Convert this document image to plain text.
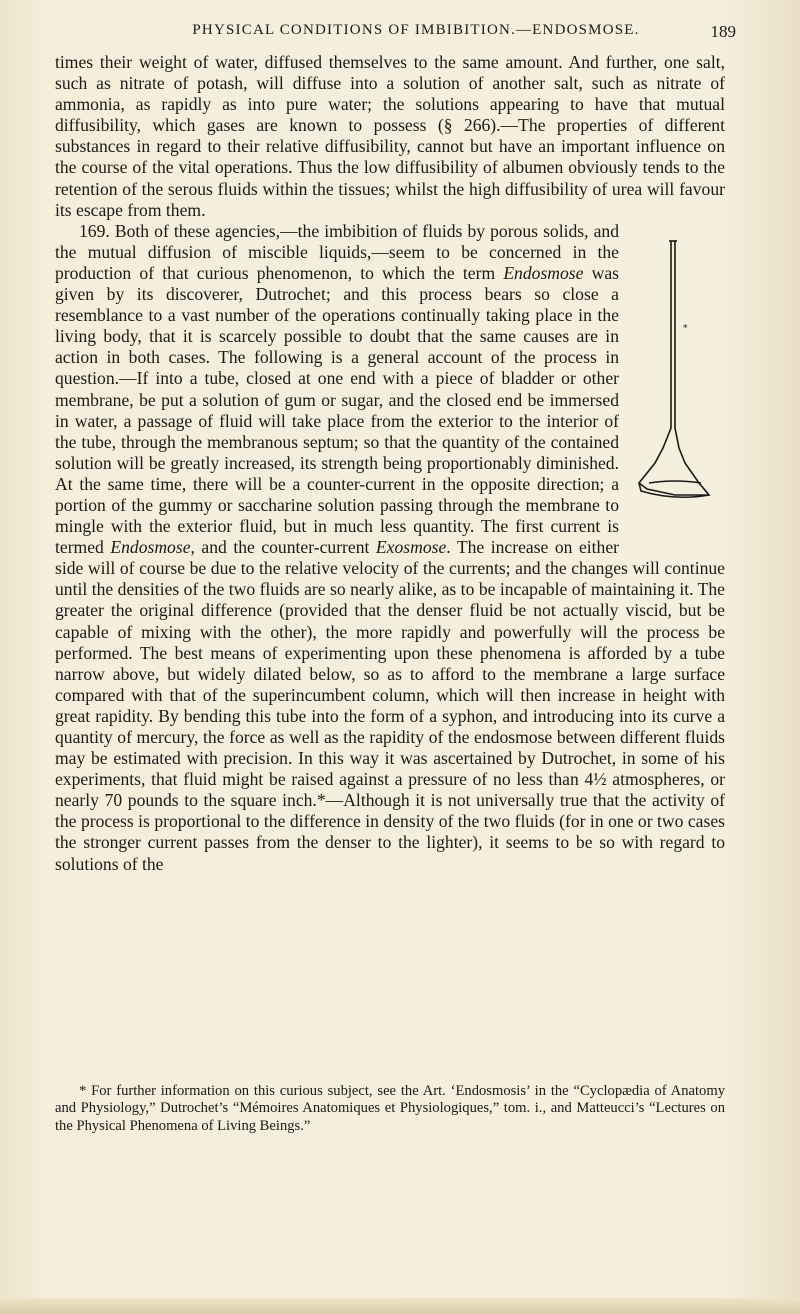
PHYSICAL CONDITIONS OF IMBIBITION.—ENDOSMOSE.	189

times their weight of water, diffused themselves to the same amount. And further, one salt, such as nitrate of potash, will diffuse into a solution of another salt, such as nitrate of ammonia, as rapidly as into pure water; the solutions appearing to have that mutual diffusibility, which gases are known to possess (§ 266).—The properties of different substances in regard to their relative diffusibility, cannot but have an important influence on the course of the vital operations. Thus the low diffusibility of albumen obviously tends to the retention of the serous fluids within the tissues; whilst the high diffusibility of urea will favour its escape from them.

*
169. Both of these agencies,—the imbibition of fluids by porous solids, and the mutual diffusion of miscible liquids,—seem to be concerned in the production of that curious phenomenon, to which the term Endosmose was given by its discoverer, Dutrochet; and this process bears so close a resemblance to a vast number of the operations continually taking place in the living body, that it is scarcely possible to doubt that the same causes are in action in both cases. The following is a general account of the process in question.—If into a tube, closed at one end with a piece of bladder or other membrane, be put a solution of gum or sugar, and the closed end be immersed in water, a passage of fluid will take place from the exterior to the interior of the tube, through the membranous septum; so that the quantity of the contained solution will be greatly increased, its strength being proportionably diminished. At the same time, there will be a counter-current in the opposite direction; a portion of the gummy or saccharine solution passing through the membrane to mingle with the exterior fluid, but in much less quantity. The first current is termed Endosmose, and the counter-current Exosmose. The increase on either side will of course be due to the relative velocity of the currents; and the changes will continue until the densities of the two fluids are so nearly alike, as to be incapable of maintaining it. The greater the original difference (provided that the denser fluid be not actually viscid, but be capable of mixing with the other), the more rapidly and powerfully will the process be performed. The best means of experimenting upon these phenomena is afforded by a tube narrow above, but widely dilated below, so as to afford to the membrane a large surface compared with that of the superincumbent column, which will then increase in height with great rapidity. By bending this tube into the form of a syphon, and introducing into its curve a quantity of mercury, the force as well as the rapidity of the endosmose between different fluids may be estimated with precision. In this way it was ascertained by Dutrochet, in some of his experiments, that fluid might be raised against a pressure of no less than 4½ atmospheres, or nearly 70 pounds to the square inch.*—Although it is not universally true that the activity of the process is proportional to the difference in density of the two fluids (for in one or two cases the stronger current passes from the denser to the lighter), it seems to be so with regard to solutions of the

* For further information on this curious subject, see the Art. ‘Endosmosis’ in the “Cyclopædia of Anatomy and Physiology,” Dutrochet’s “Mémoires Anatomiques et Physiologiques,” tom. i., and Matteucci’s “Lectures on the Physical Phenomena of Living Beings.”
